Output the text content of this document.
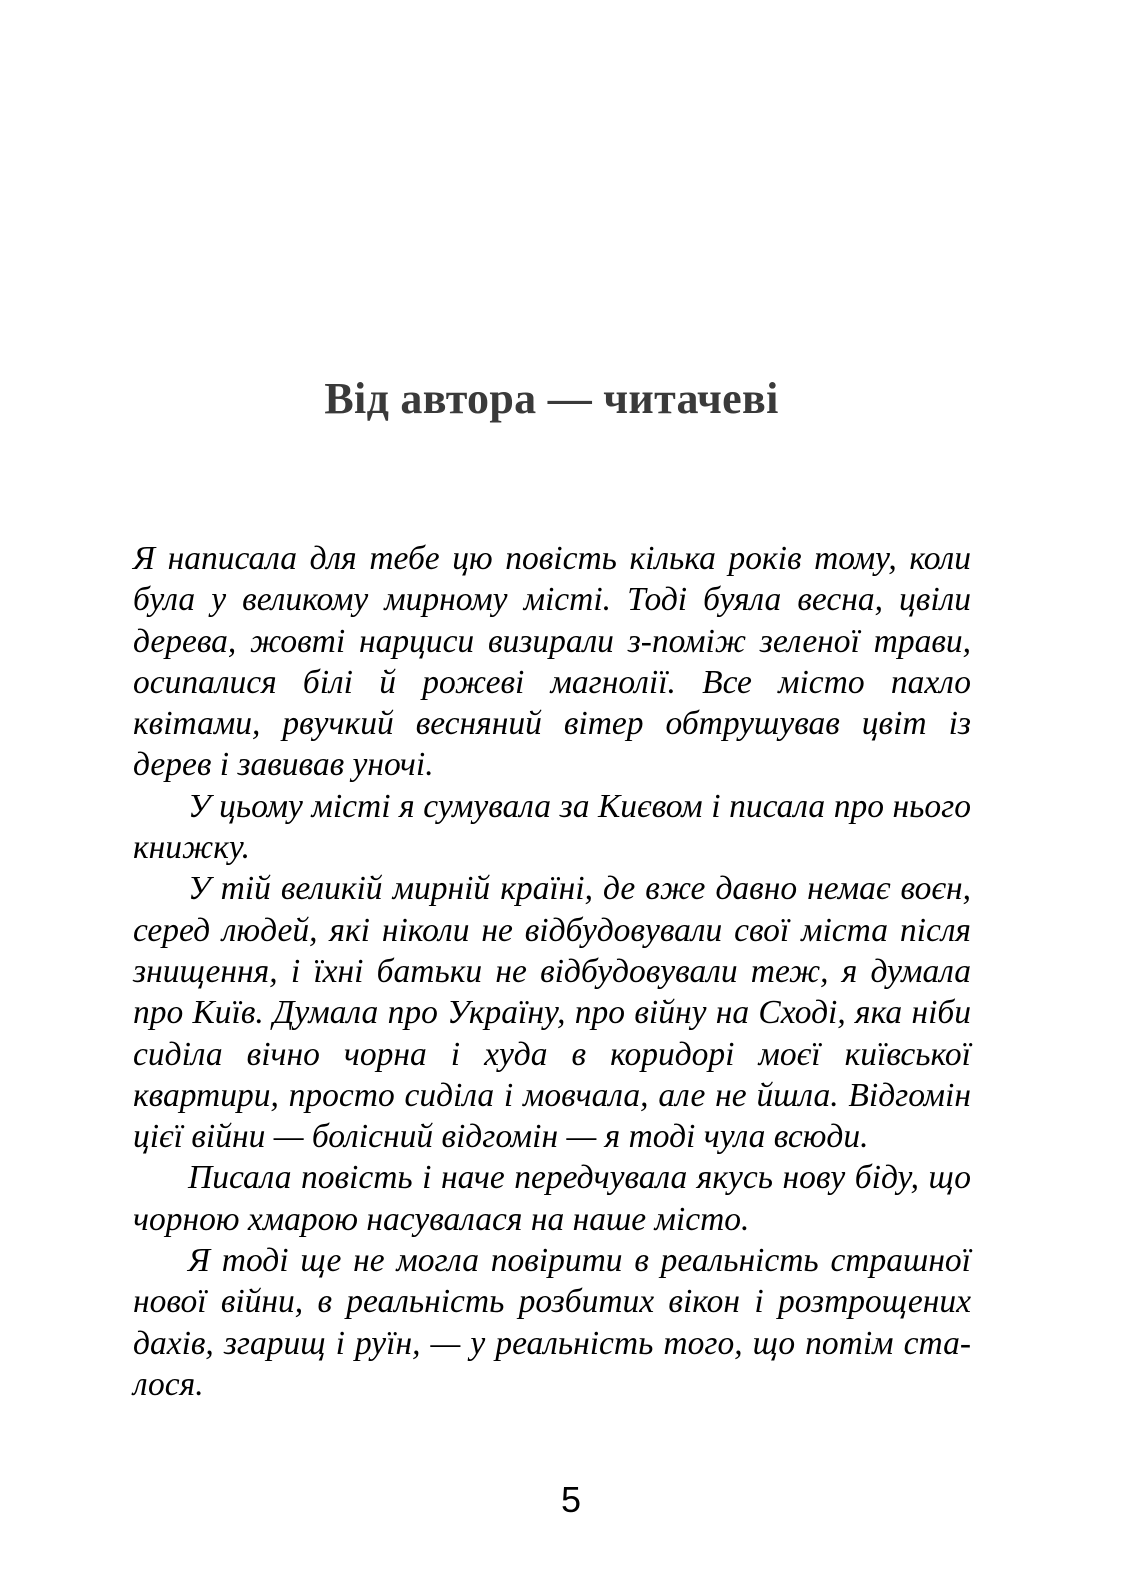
Від автора — читачеві

Я написала для тебе цю повість кілька років тому, коли була у великому мирному місті. Тоді буяла весна, цвіли дерева, жовті нарциси визирали з-поміж зеленої трави, осипалися білі й рожеві магнолії. Все місто пахло квітами, рвучкий весняний вітер обтрушував цвіт із дерев і завивав уночі.

У цьому місті я сумувала за Києвом і писала про нього книжку.

У тій великій мирній країні, де вже давно немає воєн, серед людей, які ніколи не відбудовували свої міста після знищення, і їхні батьки не відбудовували теж, я думала про Київ. Думала про Україну, про війну на Сході, яка ніби сиділа вічно чорна і худа в коридорі моєї київської квартири, просто сиділа і мовчала, але не йшла. Відгомін цієї війни — болісний відгомін — я тоді чула всюди.

Писала повість і наче передчувала якусь нову біду, що чорною хмарою насувалася на наше місто.

Я тоді ще не могла повірити в реальність страшної нової війни, в реальність розбитих вікон і розтрощених дахів, згарищ і руїн, — у реальність того, що потім ста-лося.

5
